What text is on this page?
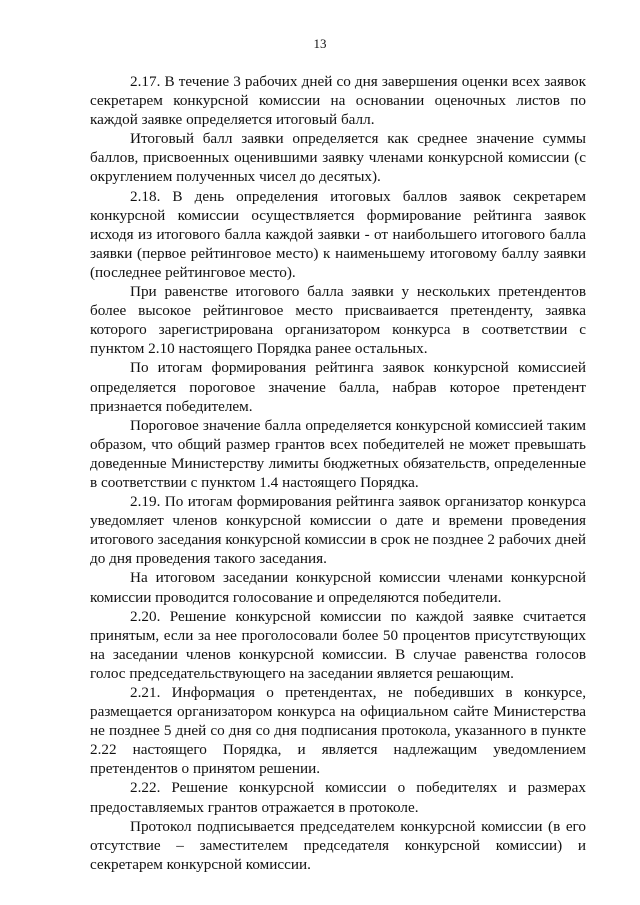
13

2.17. В течение 3 рабочих дней со дня завершения оценки всех заявок секретарем конкурсной комиссии на основании оценочных листов по каждой заявке определяется итоговый балл.

Итоговый балл заявки определяется как среднее значение суммы баллов, присвоенных оценившими заявку членами конкурсной комиссии (с округлением полученных чисел до десятых).

2.18. В день определения итоговых баллов заявок секретарем конкурсной комиссии осуществляется формирование рейтинга заявок исходя из итогового балла каждой заявки - от наибольшего итогового балла заявки (первое рейтинговое место) к наименьшему итоговому баллу заявки (последнее рейтинговое место).

При равенстве итогового балла заявки у нескольких претендентов более высокое рейтинговое место присваивается претенденту, заявка которого зарегистрирована организатором конкурса в соответствии с пунктом 2.10 настоящего Порядка ранее остальных.

По итогам формирования рейтинга заявок конкурсной комиссией определяется пороговое значение балла, набрав которое претендент признается победителем.

Пороговое значение балла определяется конкурсной комиссией таким образом, что общий размер грантов всех победителей не может превышать доведенные Министерству лимиты бюджетных обязательств, определенные в соответствии с пунктом 1.4 настоящего Порядка.

2.19. По итогам формирования рейтинга заявок организатор конкурса уведомляет членов конкурсной комиссии о дате и времени проведения итогового заседания конкурсной комиссии в срок не позднее 2 рабочих дней до дня проведения такого заседания.

На итоговом заседании конкурсной комиссии членами конкурсной комиссии проводится голосование и определяются победители.

2.20. Решение конкурсной комиссии по каждой заявке считается принятым, если за нее проголосовали более 50 процентов присутствующих на заседании членов конкурсной комиссии. В случае равенства голосов голос председательствующего на заседании является решающим.

2.21. Информация о претендентах, не победивших в конкурсе, размещается организатором конкурса на официальном сайте Министерства не позднее 5 дней со дня со дня подписания протокола, указанного в пункте 2.22 настоящего Порядка, и является надлежащим уведомлением претендентов о принятом решении.

2.22. Решение конкурсной комиссии о победителях и размерах предоставляемых грантов отражается в протоколе.

Протокол подписывается председателем конкурсной комиссии (в его отсутствие – заместителем председателя конкурсной комиссии) и секретарем конкурсной комиссии.
